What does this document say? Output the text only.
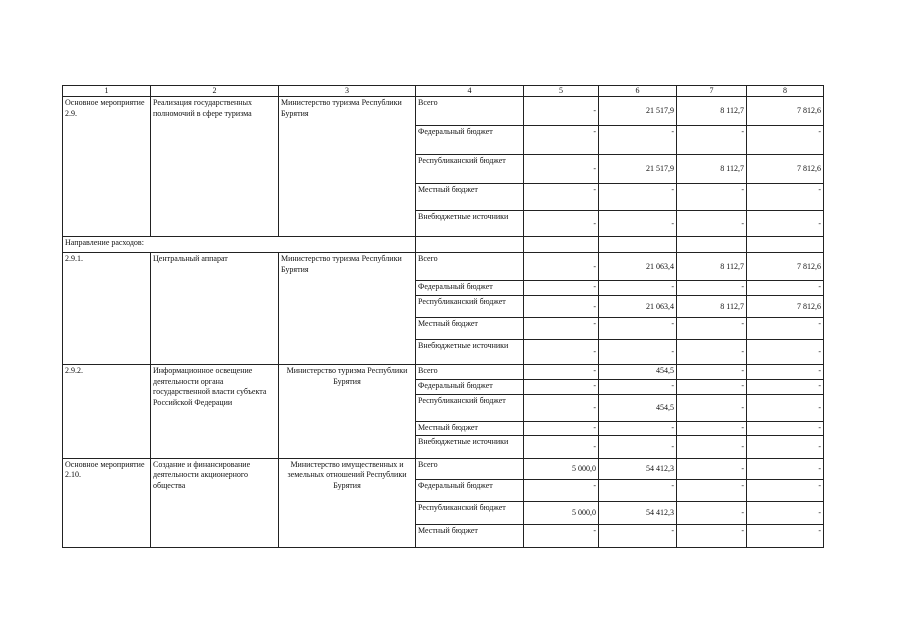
1	2	3	4	5	6	7	8
Основное мероприятие 2.9.	Реализация государственных полномочий в сфере туризма	Министерство туризма Республики Бурятия	Всего	-	21 517,9	8 112,7	7 812,6
			Федеральный бюджет	-	-	-	-
			Республиканский бюджет	-	21 517,9	8 112,7	7 812,6
			Местный бюджет	-	-	-	-
			Внебюджетные источники	-	-	-	-
Направление расходов:							
2.9.1.	Центральный аппарат	Министерство туризма Республики Бурятия	Всего	-	21 063,4	8 112,7	7 812,6
			Федеральный бюджет	-	-	-	-
			Республиканский бюджет	-	21 063,4	8 112,7	7 812,6
			Местный бюджет	-	-	-	-
			Внебюджетные источники	-	-	-	-
2.9.2.	Информационное освещение деятельности органа государственной власти субъекта Российской Федерации	Министерство туризма Республики Бурятия	Всего	-	454,5	-	-
			Федеральный бюджет	-	-	-	-
			Республиканский бюджет	-	454,5	-	-
			Местный бюджет	-	-	-	-
			Внебюджетные источники	-	-	-	-
Основное мероприятие 2.10.	Создание и финансирование деятельности акционерного общества	Министерство имущественных и земельных отношений Республики Бурятия	Всего	5 000,0	54 412,3	-	-
			Федеральный бюджет	-	-	-	-
			Республиканский бюджет	5 000,0	54 412,3	-	-
			Местный бюджет	-	-	-	-
